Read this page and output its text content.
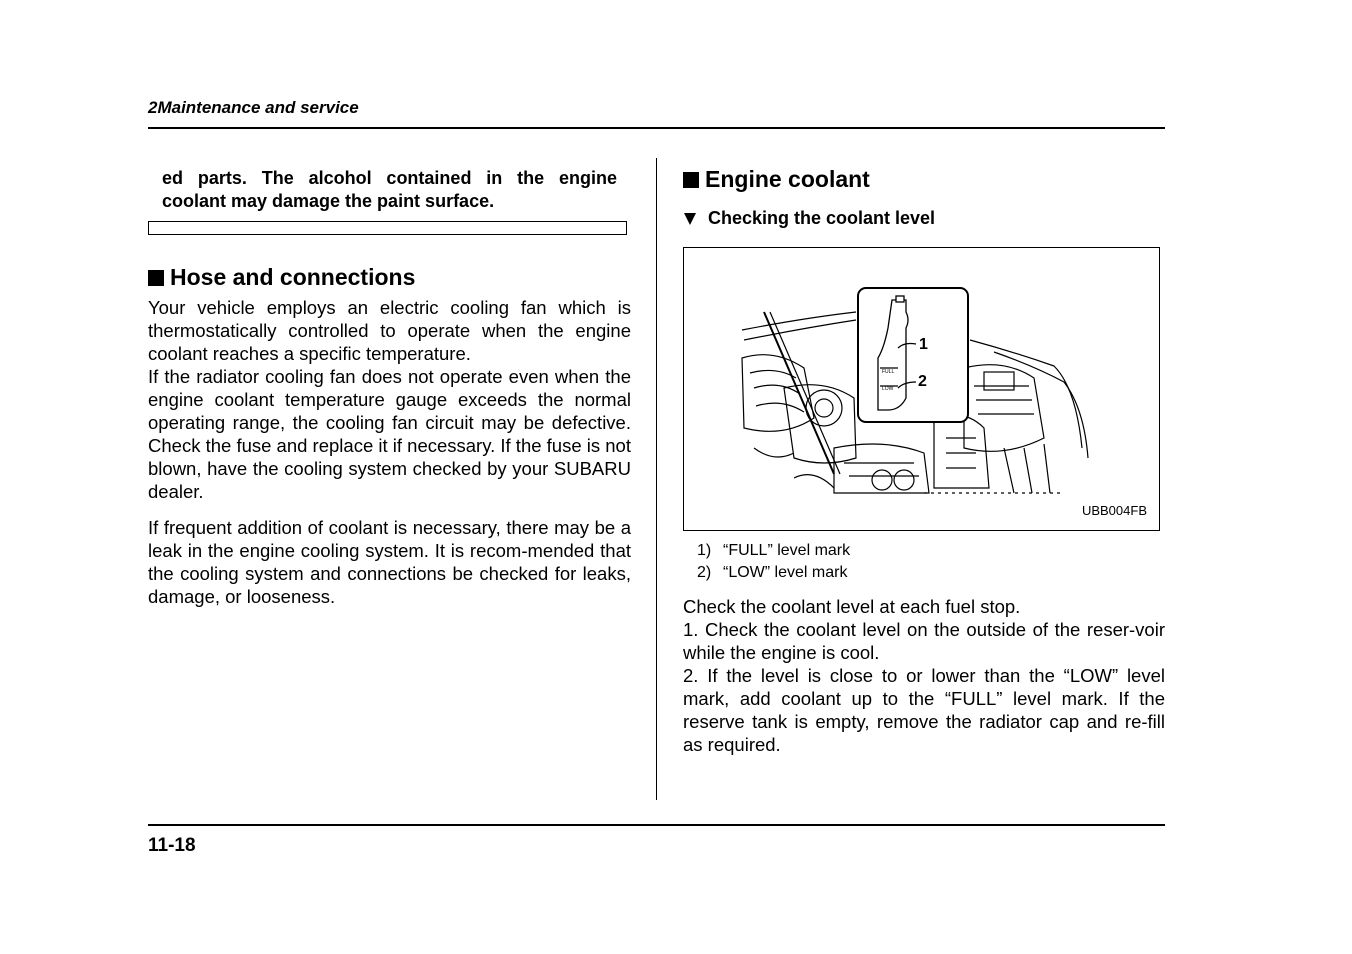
2Maintenance and service
ed parts. The alcohol contained in the engine coolant may damage the paint surface.
Hose and connections

Your vehicle employs an electric cooling fan which is thermostatically controlled to operate when the engine coolant reaches a specific temperature.

If the radiator cooling fan does not operate even when the engine coolant temperature gauge exceeds the normal operating range, the cooling fan circuit may be defective. Check the fuse and replace it if necessary. If the fuse is not blown, have the cooling system checked by your SUBARU dealer.

If frequent addition of coolant is necessary, there may be a leak in the engine cooling system. It is recom-mended that the cooling system and connections be checked for leaks, damage, or looseness.

Engine coolant
Checking the coolant level
FULL
LOW
1
2
UBB004FB
1) “FULL” level mark
2) “LOW” level mark

Check the coolant level at each fuel stop.

1. Check the coolant level on the outside of the reser-voir while the engine is cool.

2. If the level is close to or lower than the “LOW” level mark, add coolant up to the “FULL” level mark. If the reserve tank is empty, remove the radiator cap and re-fill as required.

11-18
